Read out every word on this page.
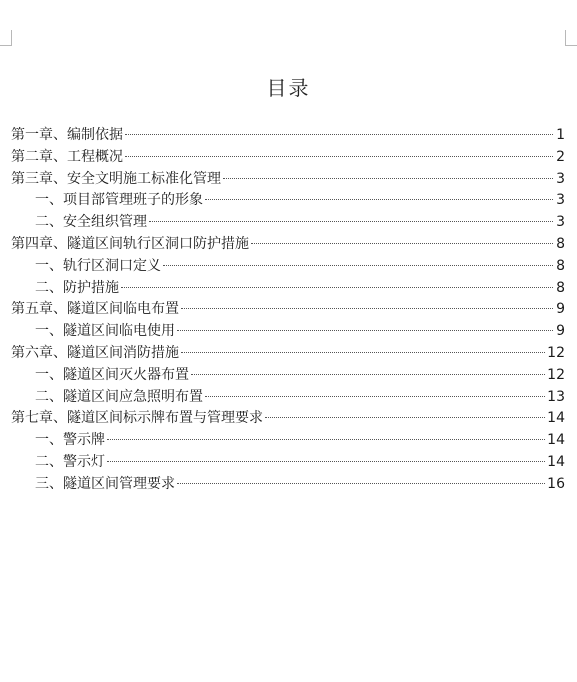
目录
第一章、编制依据	1
第二章、工程概况	2
第三章、安全文明施工标准化管理	3
一、项目部管理班子的形象	3
二、安全组织管理	3
第四章、隧道区间轨行区洞口防护措施	8
一、轨行区洞口定义	8
二、防护措施	8
第五章、隧道区间临电布置	9
一、隧道区间临电使用	9
第六章、隧道区间消防措施	12
一、隧道区间灭火器布置	12
二、隧道区间应急照明布置	13
第七章、隧道区间标示牌布置与管理要求	14
一、警示牌	14
二、警示灯	14
三、隧道区间管理要求	16
